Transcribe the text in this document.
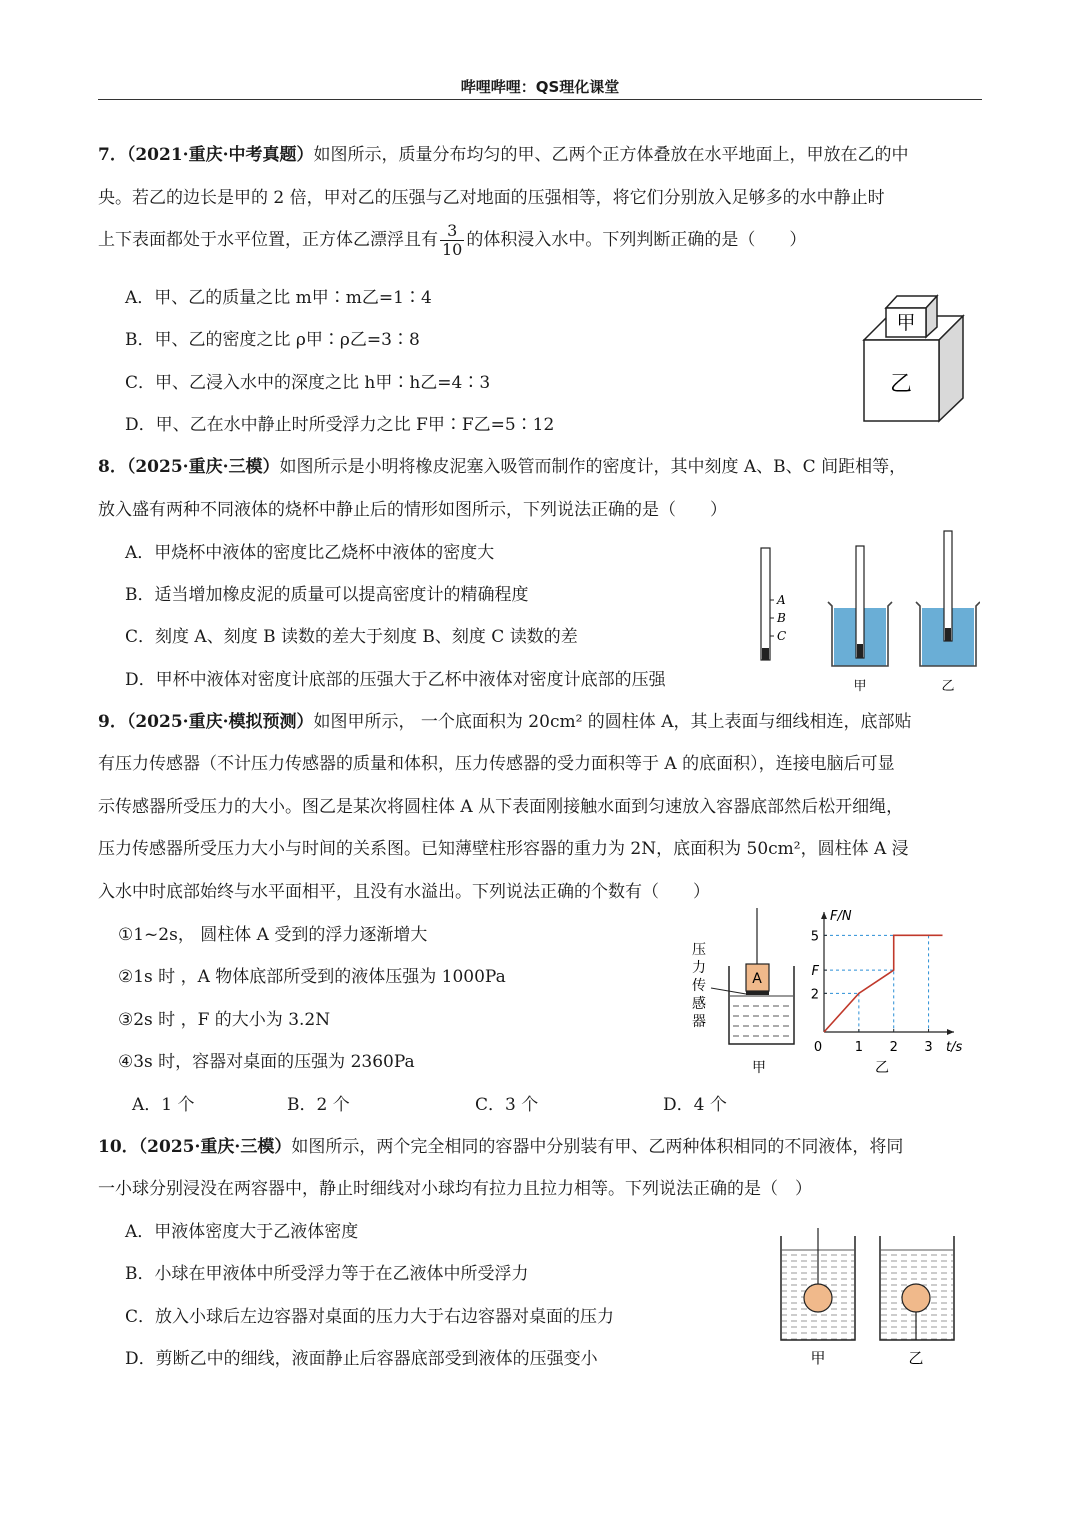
哔哩哔哩：QS理化课堂
7．（2021·重庆·中考真题）如图所示，质量分布均匀的甲、乙两个正方体叠放在水平地面上，甲放在乙的中
央。若乙的边长是甲的 2 倍，甲对乙的压强与乙对地面的压强相等，将它们分别放入足够多的水中静止时
上下表面都处于水平位置，正方体乙漂浮且有 $\frac{3}{10}$ 的体积浸入水中。下列判断正确的是（　　）
A．甲、乙的质量之比 m甲∶m乙=1∶4
B．甲、乙的密度之比 ρ甲∶ρ乙=3∶8
C．甲、乙浸入水中的深度之比 h甲∶h乙=4∶3
D．甲、乙在水中静止时所受浮力之比 F甲∶F乙=5∶12
甲
乙
8．（2025·重庆·三模）如图所示是小明将橡皮泥塞入吸管而制作的密度计，其中刻度 A、B、C 间距相等，
放入盛有两种不同液体的烧杯中静止后的情形如图所示，下列说法正确的是（　　）
A．甲烧杯中液体的密度比乙烧杯中液体的密度大
B．适当增加橡皮泥的质量可以提高密度计的精确程度
C．刻度 A、刻度 B 读数的差大于刻度 B、刻度 C 读数的差
D．甲杯中液体对密度计底部的压强大于乙杯中液体对密度计底部的压强
A
B
C
甲	乙
9．（2025·重庆·模拟预测）如图甲所示， 一个底面积为 20cm² 的圆柱体 A，其上表面与细线相连，底部贴
有压力传感器（不计压力传感器的质量和体积，压力传感器的受力面积等于 A 的底面积），连接电脑后可显
示传感器所受压力的大小。图乙是某次将圆柱体 A 从下表面刚接触水面到匀速放入容器底部然后松开细绳，
压力传感器所受压力大小与时间的关系图。已知薄壁柱形容器的重力为 2N，底面积为 50cm²，圆柱体 A 浸
入水中时底部始终与水平面相平，且没有水溢出。下列说法正确的个数有（　　）
①1~2s， 圆柱体 A 受到的浮力逐渐增大
②1s 时 ，A 物体底部所受到的液体压强为 1000Pa
③2s 时 ，F 的大小为 3.2N
④3s 时，容器对桌面的压强为 2360Pa
A．1 个	B．2 个	C．3 个	D．4 个
压
力
传
感
器
A
甲
0	1 2 3
2
F
5
F/N
t/s
乙
10．（2025·重庆·三模）如图所示，两个完全相同的容器中分别装有甲、乙两种体积相同的不同液体，将同
一小球分别浸没在两容器中，静止时细线对小球均有拉力且拉力相等。下列说法正确的是（　）
A．甲液体密度大于乙液体密度
B．小球在甲液体中所受浮力等于在乙液体中所受浮力
C．放入小球后左边容器对桌面的压力大于右边容器对桌面的压力
D．剪断乙中的细线，液面静止后容器底部受到液体的压强变小	甲	乙
